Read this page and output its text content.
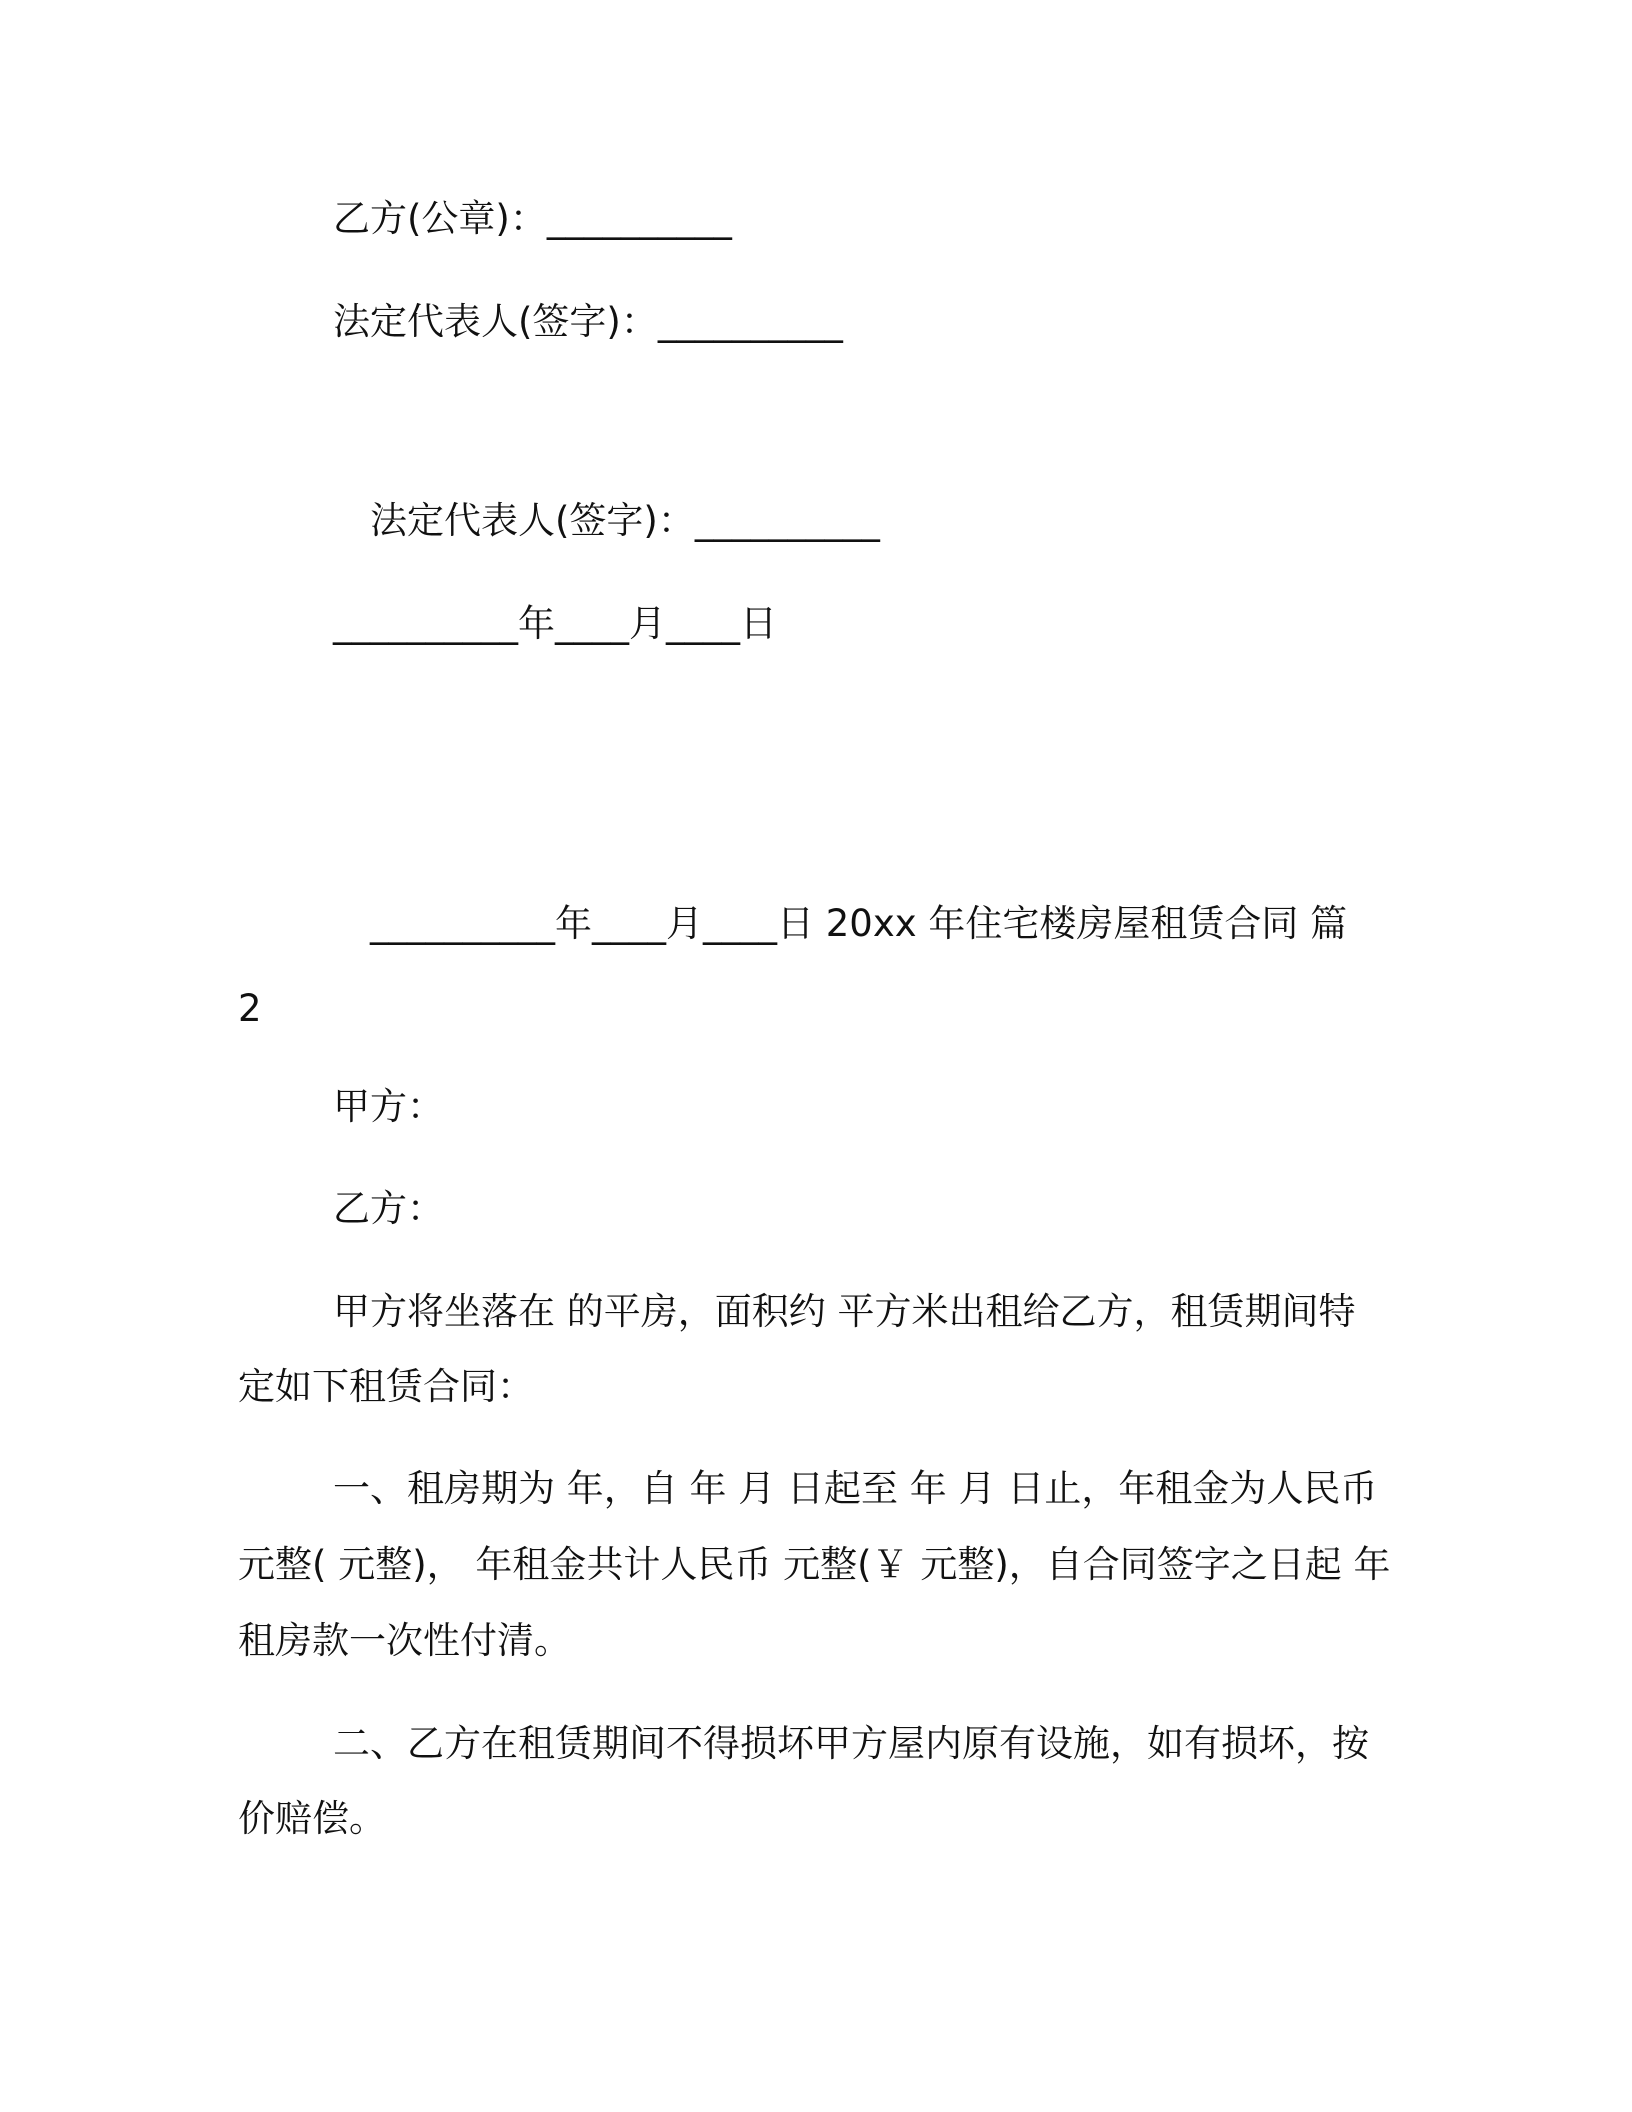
乙方(公章)：__________

法定代表人(签字)：__________

法定代表人(签字)：__________

__________年____月____日

__________年____月____日 20xx 年住宅楼房屋租赁合同 篇

2

甲方：

乙方：

甲方将坐落在 的平房，面积约 平方米出租给乙方，租赁期间特

定如下租赁合同：

一、租房期为 年，自 年 月 日起至 年 月 日止，年租金为人民币

元整( 元整)， 年租金共计人民币 元整(￥ 元整)，自合同签字之日起 年

租房款一次性付清。

二、乙方在租赁期间不得损坏甲方屋内原有设施，如有损坏，按

价赔偿。
